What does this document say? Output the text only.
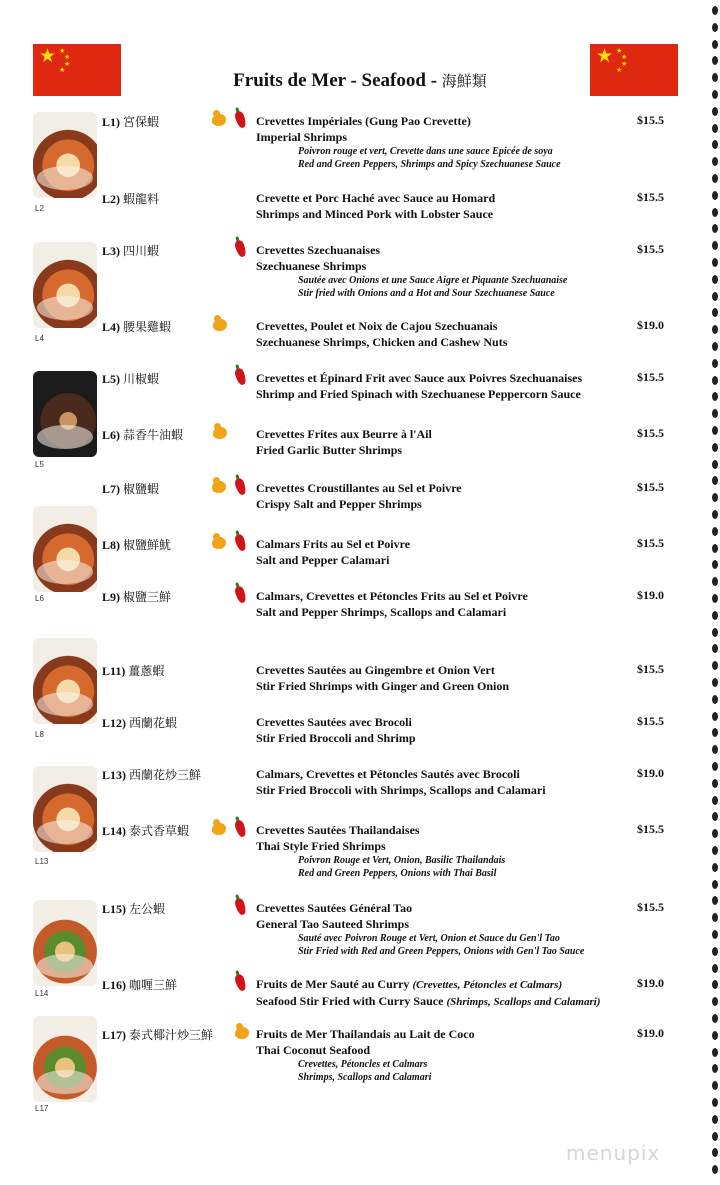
★ ★
★
★
★
★ ★
★
★
★
Fruits de Mer - Seafood - 海鮮類
L2
L4
L5
L6
L8
L13
L14
L17
L1) 宮保蝦	Crevettes Impériales (Gung Pao Crevette)
Imperial Shrimps
Poivron rouge et vert, Crevette dans une sauce Epicée de soya
Red and Green Peppers, Shrimps and Spicy Szechuanese Sauce
$15.5
L2) 蝦龍料	Crevette et Porc Haché avec Sauce au Homard
Shrimps and Minced Pork with Lobster Sauce
$15.5
L3) 四川蝦	Crevettes Szechuanaises
Szechuanese Shrimps
Sautée avec Onions et une Sauce Aigre et Piquante Szechuanaise
Stir fried with Onions and a Hot and Sour Szechuanese Sauce
$15.5
L4) 腰果雞蝦	Crevettes, Poulet et Noix de Cajou Szechuanais
Szechuanese Shrimps, Chicken and Cashew Nuts
$19.0
L5) 川椒蝦	Crevettes et Épinard Frit avec Sauce aux Poivres Szechuanaises
Shrimp and Fried Spinach with Szechuanese Peppercorn Sauce
$15.5
L6) 蒜香牛油蝦	Crevettes Frites aux Beurre à l'Ail
Fried Garlic Butter Shrimps
$15.5
L7) 椒鹽蝦	Crevettes Croustillantes au Sel et Poivre
Crispy Salt and Pepper Shrimps
$15.5
L8) 椒鹽鮮魷	Calmars Frits au Sel et Poivre
Salt and Pepper Calamari
$15.5
L9) 椒鹽三鮮	Calmars, Crevettes et Pétoncles Frits au Sel et Poivre
Salt and Pepper Shrimps, Scallops and Calamari
$19.0
L11) 薑蔥蝦	Crevettes Sautées au Gingembre et Onion Vert
Stir Fried Shrimps with Ginger and Green Onion
$15.5
L12) 西蘭花蝦	Crevettes Sautées avec Brocoli
Stir Fried Broccoli and Shrimp
$15.5
L13) 西蘭花炒三鮮	Calmars, Crevettes et Pétoncles Sautés avec Brocoli
Stir Fried Broccoli with Shrimps, Scallops and Calamari
$19.0
L14) 泰式香草蝦	Crevettes Sautées Thailandaises
Thai Style Fried Shrimps
Poivron Rouge et Vert, Onion, Basilic Thailandais
Red and Green Peppers, Onions with Thai Basil
$15.5
L15) 左公蝦	Crevettes Sautées Général Tao
General Tao Sauteed Shrimps
Sauté avec Poivron Rouge et Vert, Onion et Sauce du Gen'l Tao
Stir Fried with Red and Green Peppers, Onions with Gen'l Tao Sauce
$15.5
L16) 咖喱三鮮	Fruits de Mer Sauté au Curry (Crevettes, Pétoncles et Calmars)
Seafood Stir Fried with Curry Sauce (Shrimps, Scallops and Calamari)
$19.0
L17) 泰式椰汁炒三鮮	Fruits de Mer Thailandais au Lait de Coco
Thai Coconut Seafood
Crevettes, Pétoncles et Calmars
Shrimps, Scallops and Calamari
$19.0
menupix
